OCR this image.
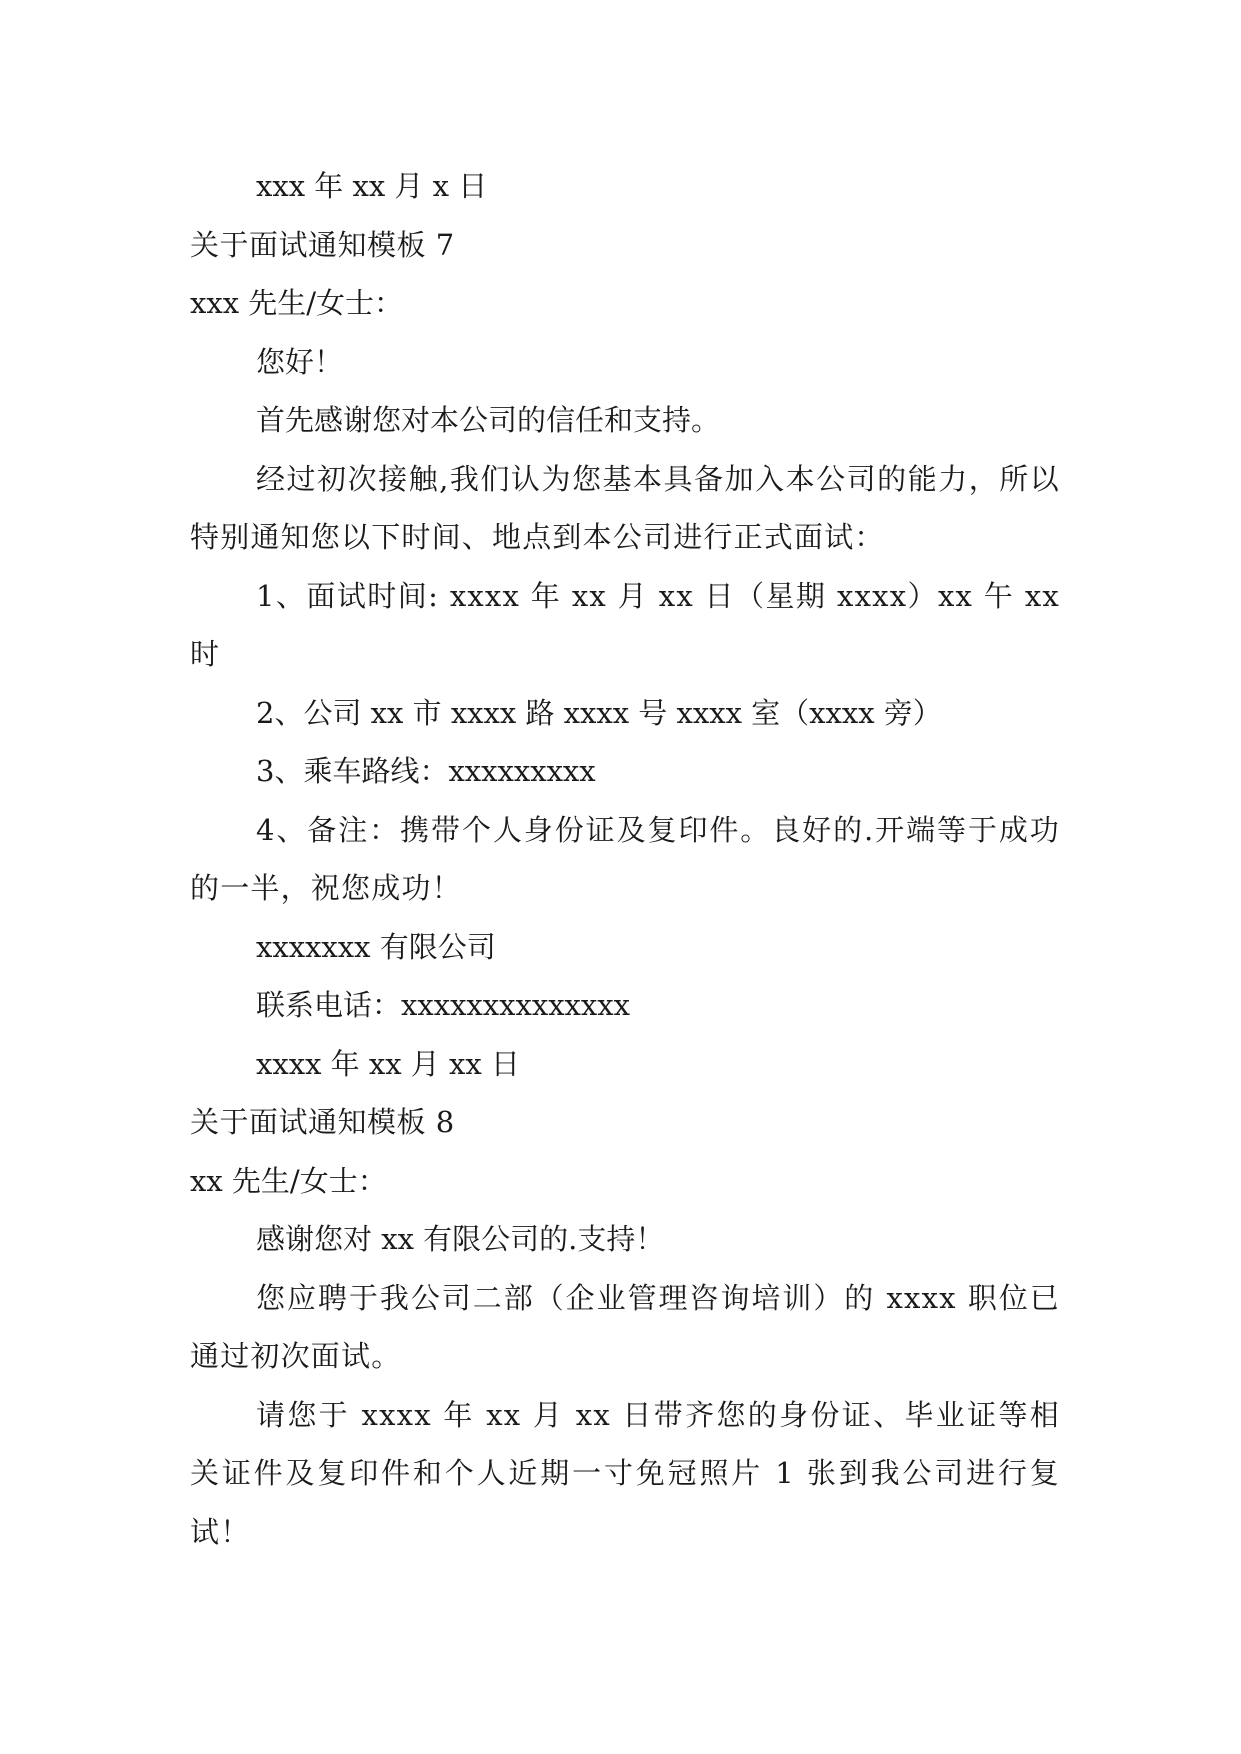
xxx 年 xx 月 x 日

关于面试通知模板 7

xxx 先生/女士：

您好！

首先感谢您对本公司的信任和支持。

经过初次接触,我们认为您基本具备加入本公司的能力，所以特别通知您以下时间、地点到本公司进行正式面试：

1、面试时间: xxxx 年 xx 月 xx 日（星期 xxxx）xx 午 xx 时

2、公司 xx 市 xxxx 路 xxxx 号 xxxx 室（xxxx 旁）

3、乘车路线：xxxxxxxxx

4、备注：携带个人身份证及复印件。良好的.开端等于成功的一半，祝您成功！

xxxxxxx 有限公司

联系电话：xxxxxxxxxxxxxx

xxxx 年 xx 月 xx 日

关于面试通知模板 8

xx 先生/女士：

感谢您对 xx 有限公司的.支持！

您应聘于我公司二部（企业管理咨询培训）的 xxxx 职位已通过初次面试。

请您于 xxxx 年 xx 月 xx 日带齐您的身份证、毕业证等相关证件及复印件和个人近期一寸免冠照片 1 张到我公司进行复试！
